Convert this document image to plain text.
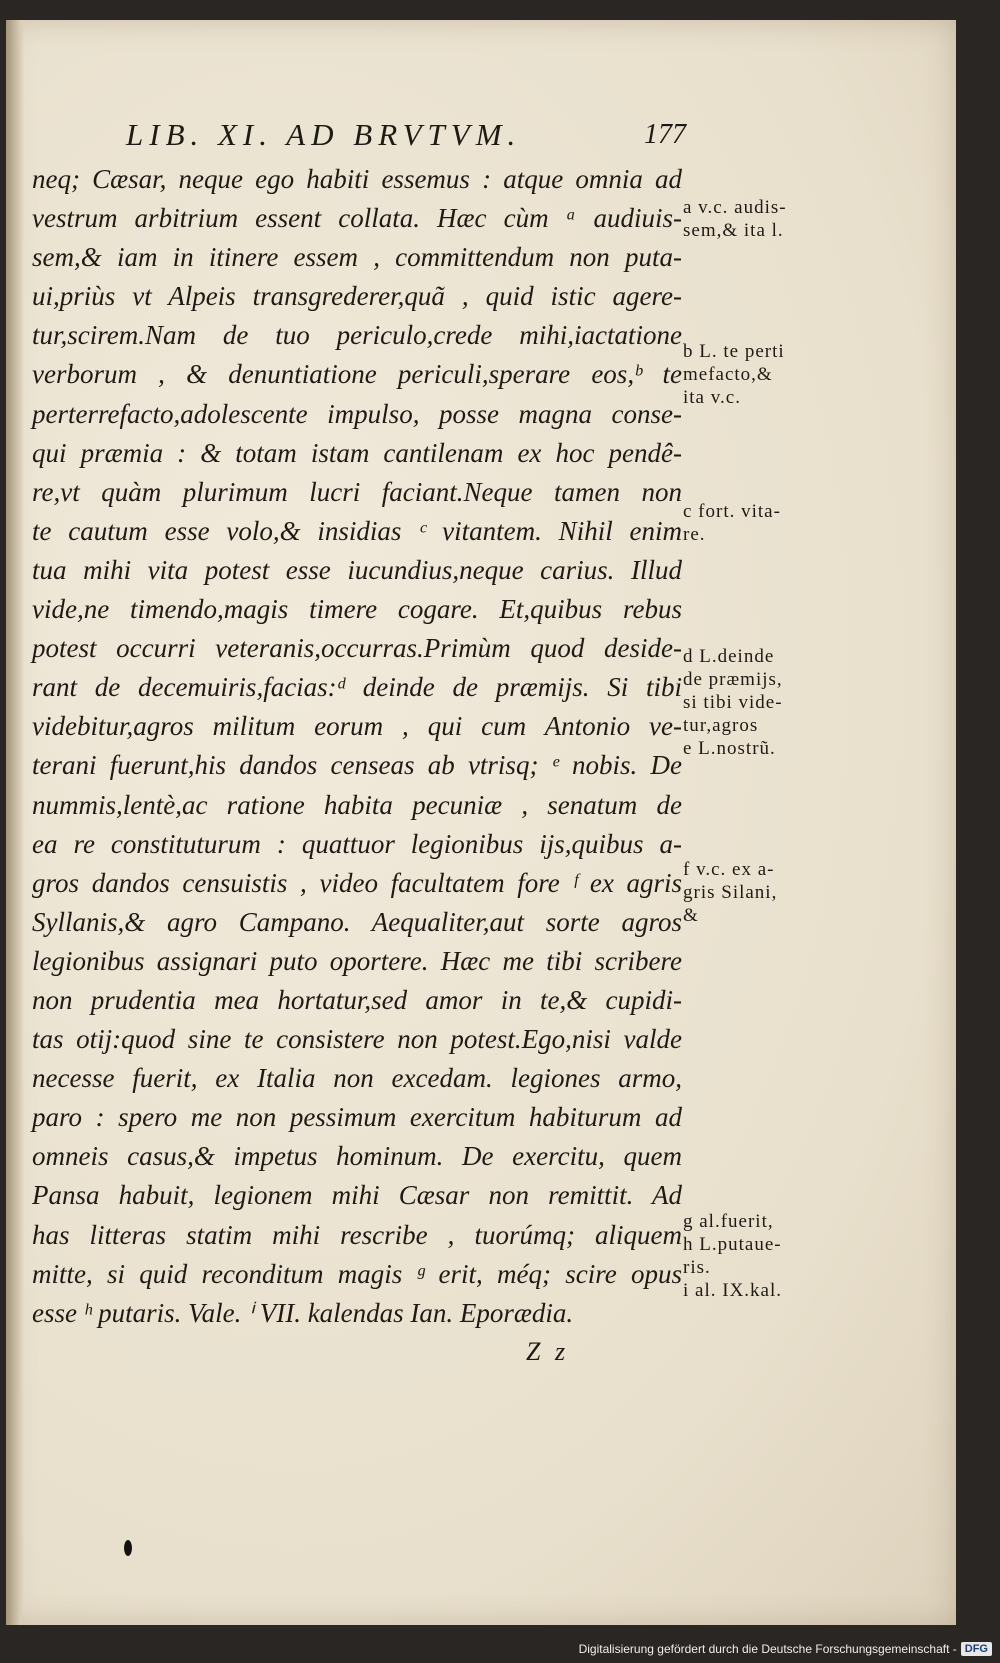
LIB. XI. AD BRVTVM.	177
neq; Cæsar, neque ego habiti essemus : atque omnia ad
vestrum arbitrium essent collata. Hæc cùm ᵃ audiuis-
sem,& iam in itinere essem , committendum non puta-
ui,priùs vt Alpeis transgrederer,quã , quid istic agere-
tur,scirem.Nam de tuo periculo,crede mihi,iactatione
verborum , & denuntiatione periculi,sperare eos,ᵇ te
perterrefacto,adolescente impulso, posse magna conse-
qui præmia : & totam istam cantilenam ex hoc pendê-
re,vt quàm plurimum lucri faciant.Neque tamen non
te cautum esse volo,& insidias ᶜ vitantem. Nihil enim
tua mihi vita potest esse iucundius,neque carius. Illud
vide,ne timendo,magis timere cogare. Et,quibus rebus
potest occurri veteranis,occurras.Primùm quod deside-
rant de decemuiris,facias:ᵈ deinde de præmijs. Si tibi
videbitur,agros militum eorum , qui cum Antonio ve-
terani fuerunt,his dandos censeas ab vtrisq; ᵉ nobis. De
nummis,lentè,ac ratione habita pecuniæ , senatum de
ea re constituturum : quattuor legionibus ijs,quibus a-
gros dandos censuistis , video facultatem fore ᶠ ex agris
Syllanis,& agro Campano. Aequaliter,aut sorte agros
legionibus assignari puto oportere. Hæc me tibi scribere
non prudentia mea hortatur,sed amor in te,& cupidi-
tas otij:quod sine te consistere non potest.Ego,nisi valde
necesse fuerit, ex Italia non excedam. legiones armo,
paro : spero me non pessimum exercitum habiturum ad
omneis casus,& impetus hominum. De exercitu, quem
Pansa habuit, legionem mihi Cæsar non remittit. Ad
has litteras statim mihi rescribe , tuorúmq; aliquem
mitte, si quid reconditum magis ᵍ erit, méq; scire opus
esse ʰ putaris. Vale. ⁱ VII. kalendas Ian. Eporædia.
Z z
a v.c. audis-
sem,& ita l.
b L. te perti
mefacto,&
ita v.c.
c fort. vita-
re.
d L.deinde
de præmijs,
si tibi vide-
tur,agros
e L.nostrũ.
f v.c. ex a-
gris Silani,
&
g al.fuerit,
h L.putaue-
ris.
i al. IX.kal.
Digitalisierung gefördert durch die Deutsche Forschungsgemeinschaft - DFG
